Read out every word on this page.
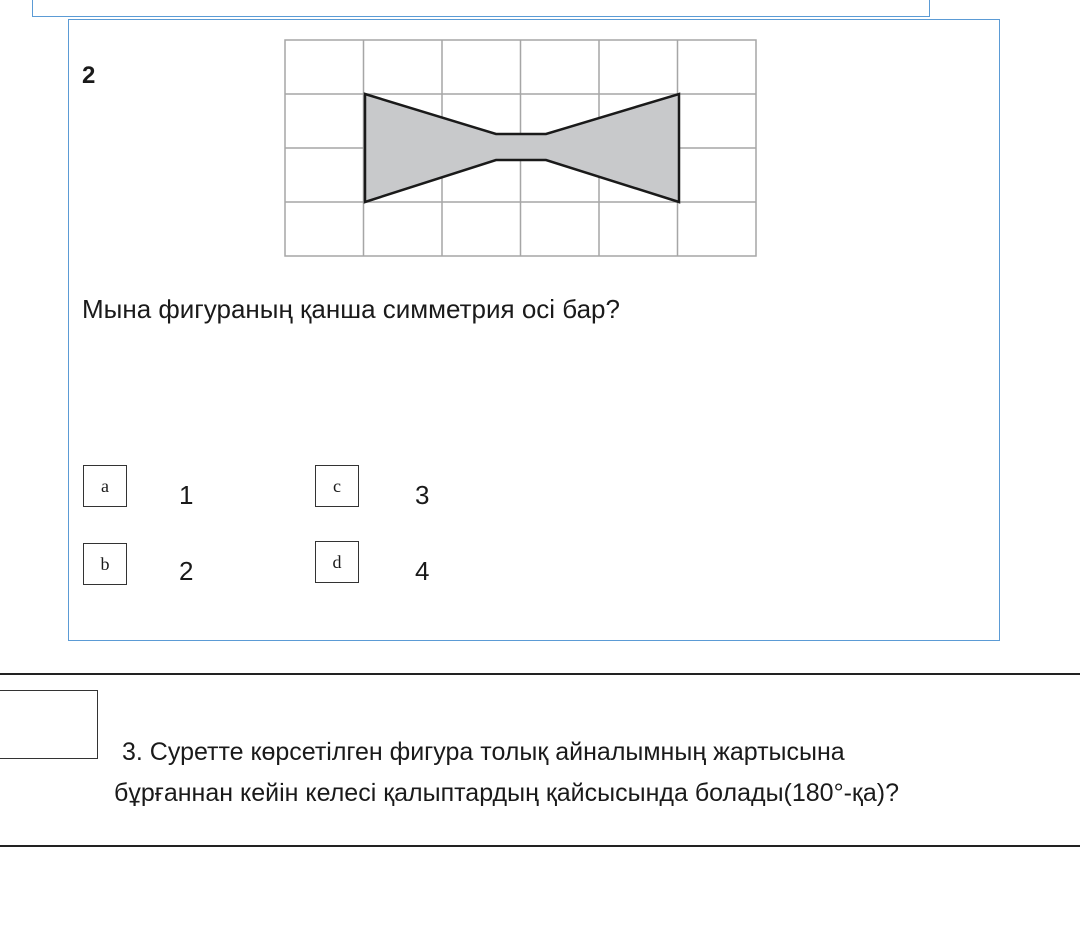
2
Мына фигураның қанша симметрия осі бар?
a	1
b	2
c	3
d	4
3. Суретте көрсетілген фигура толық айналымның жартысына
бұрғаннан кейін келесі қалыптардың қайсысында болады(180°-қа)?
